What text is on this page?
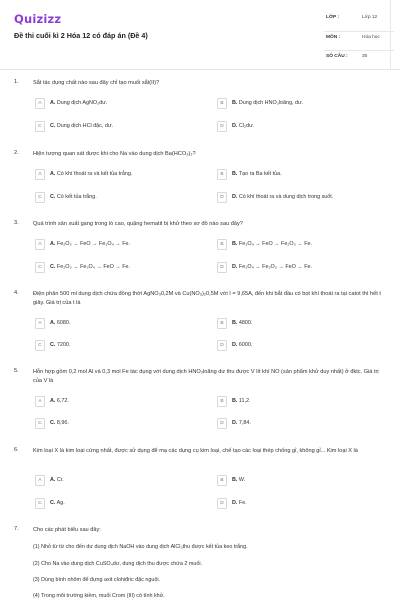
Quizizz
Đề thi cuối kì 2 Hóa 12 có đáp án (Đề 4)
LỚP :	Lớp 12
MÔN :	Hóa học
SỐ CÂU :	30
1.	Sắt tác dụng chất nào sau đây chỉ tạo muối sắt(II)?
A	A. Dung dịch AgNO₃dư.	B	B. Dung dịch HNO₃loãng, dư.
C	C. Dung dịch HCl đặc, dư.	D	D. Cl₂dư.
2.	Hiện tượng quan sát được khi cho Na vào dung dịch Ba(HCO₃)₂?
A	A. Có khí thoát ra và kết tủa trắng.	B	B. Tạo ra Ba kết tủa.
C	C. Có kết tủa trắng.	D	D. Có khí thoát ra và dung dịch trong suốt.
3.	Quá trình sản xuất gang trong lò cao, quặng hematit bị khử theo sơ đồ nào sau đây?
A	A. Fe₂O₃ → FeO → Fe₃O₄ → Fe.	B	B. Fe₃O₄ → FeO → Fe₂O₃ → Fe.
C	C. Fe₂O₃ → Fe₃O₄ → FeO → Fe.	D	D. Fe₃O₄ → Fe₂O₃ → FeO → Fe.
4.	Điện phân 500 ml dung dịch chứa đồng thời AgNO₃0,2M và Cu(NO₃)₂0,5M với I = 9,65A, đến khi bắt đầu có bọt khí thoát ra tại catot thì hết t giây. Giá trị của t là
A	A. 6080.	B	B. 4800.
C	C. 7200.	D	D. 6000.
5.	Hỗn hợp gồm 0,2 mol Al và 0,3 mol Fe tác dụng với dung dịch HNO₃loãng dư thu được V lít khí NO (sản phẩm khử duy nhất) ở đktc. Giá trị của V là
A	A. 6,72.	B	B. 11,2.
C	C. 8,96.	D	D. 7,84.
6.	Kim loại X là kim loại cứng nhất, được sử dụng để mạ các dụng cụ kim loại, chế tạo các loại thép chống gỉ, không gỉ... Kim loại X là
A	A. Cr.	B	B. W.
C	C. Ag.	D	D. Fe.
7.	Cho các phát biểu sau đây:
(1) Nhỏ từ từ cho đến dư dung dịch NaOH vào dung dịch AlCl₃thu được kết tủa keo trắng.
(2) Cho Na vào dung dịch CuSO₄dư, dung dịch thu được chứa 2 muối.
(3) Dùng bình nhôm để đựng axit clohiđric đặc nguội.
(4) Trong môi trường kiềm, muối Crom (III) có tính khử.
